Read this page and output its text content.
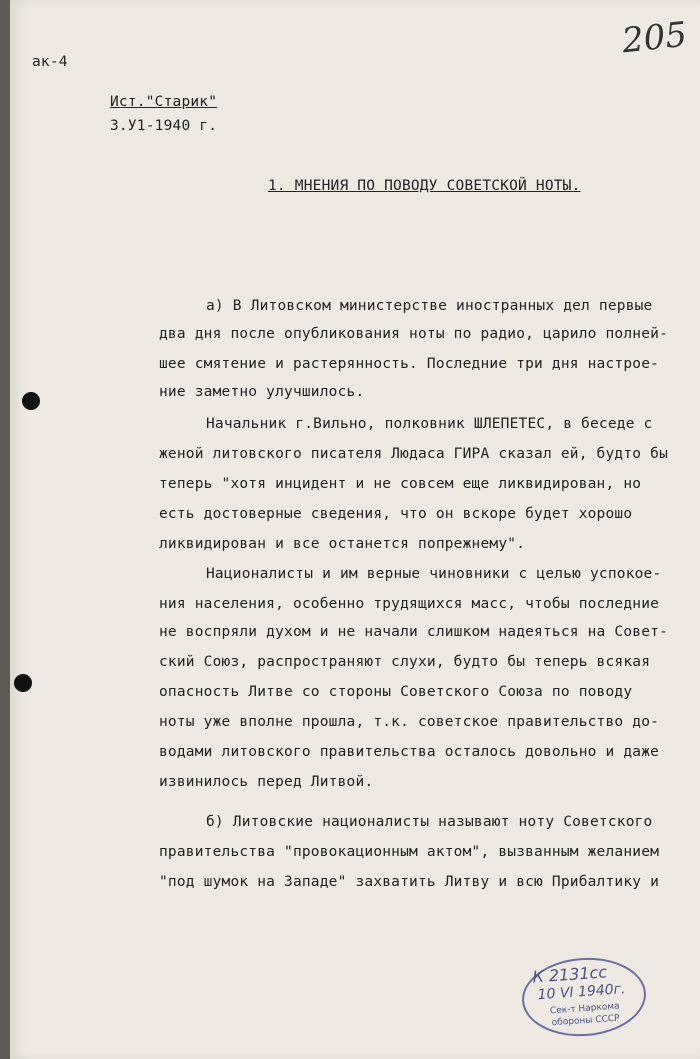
205
ак-4
Ист."Старик"
3.У1-1940 г.
1. МНЕНИЯ ПО ПОВОДУ СОВЕТСКОЙ НОТЫ.
а) В Литовском министерстве иностранных дел первые
два дня после опубликования ноты по радио, царило полней-
шее смятение и растерянность. Последние три дня настрое-
ние заметно улучшилось.
Начальник г.Вильно, полковник ШЛЕПЕТЕС, в беседе с
женой литовского писателя Людаса ГИРА сказал ей, будто бы
теперь "хотя инцидент и не совсем еще ликвидирован, но
есть достоверные сведения, что он вскоре будет хорошо
ликвидирован и все останется попрежнему".
Националисты и им верные чиновники с целью успокое-
ния населения, особенно трудящихся масс, чтобы последние
не воспряли духом и не начали слишком надеяться на Совет-
ский Союз, распространяют слухи, будто бы теперь всякая
опасность Литве со стороны Советского Союза по поводу
ноты уже вполне прошла, т.к. советское правительство до-
водами литовского правительства осталось довольно и даже
извинилось перед Литвой.
б) Литовские националисты называют ноту Советского
правительства "провокационным актом", вызванным желанием
"под шумок на Западе" захватить Литву и всю Прибалтику и
К 2131сс
10 VI 1940г.
Сек-т Наркома
обороны СССР
